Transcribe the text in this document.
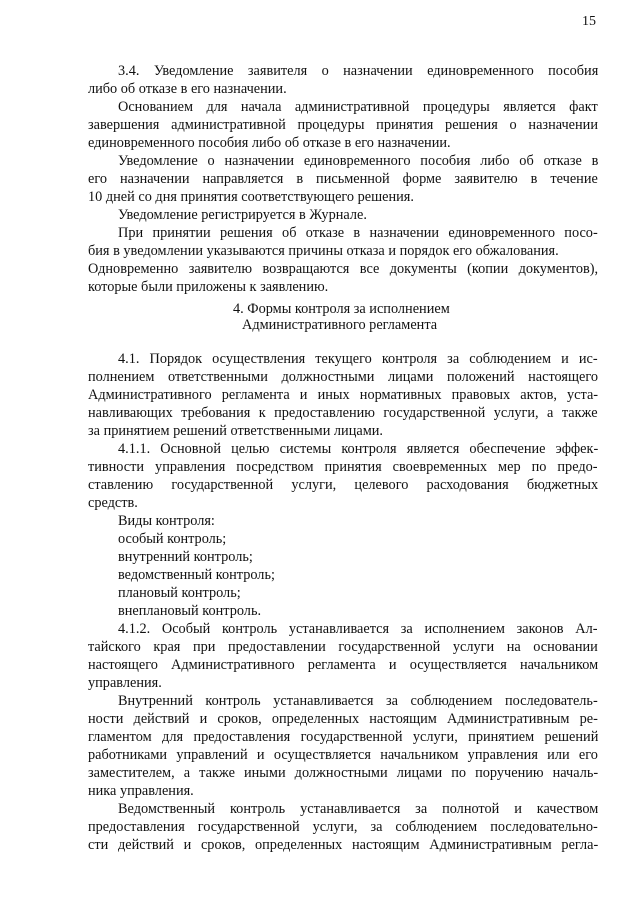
15
3.4. Уведомление заявителя о назначении единовременного пособия
либо об отказе в его назначении.
Основанием для начала административной процедуры является факт
завершения административной процедуры принятия решения о назначении
единовременного пособия либо об отказе в его назначении.
Уведомление о назначении единовременного пособия либо об отказе в
его назначении направляется в письменной форме заявителю в течение
10 дней со дня принятия соответствующего решения.
Уведомление регистрируется в Журнале.
При принятии решения об отказе в назначении единовременного посо-
бия в уведомлении указываются причины отказа и порядок его обжалования.
Одновременно заявителю возвращаются все документы (копии документов),
которые были приложены к заявлению.
4. Формы контроля за исполнением
Административного регламента
4.1. Порядок осуществления текущего контроля за соблюдением и ис-
полнением ответственными должностными лицами положений настоящего
Административного регламента и иных нормативных правовых актов, уста-
навливающих требования к предоставлению государственной услуги, а также
за принятием решений ответственными лицами.
4.1.1. Основной целью системы контроля является обеспечение эффек-
тивности управления посредством принятия своевременных мер по предо-
ставлению государственной услуги, целевого расходования бюджетных
средств.
Виды контроля:
особый контроль;
внутренний контроль;
ведомственный контроль;
плановый контроль;
внеплановый контроль.
4.1.2. Особый контроль устанавливается за исполнением законов Ал-
тайского края при предоставлении государственной услуги на основании
настоящего Административного регламента и осуществляется начальником
управления.
Внутренний контроль устанавливается за соблюдением последователь-
ности действий и сроков, определенных настоящим Административным ре-
гламентом для предоставления государственной услуги, принятием решений
работниками управлений и осуществляется начальником управления или его
заместителем, а также иными должностными лицами по поручению началь-
ника управления.
Ведомственный контроль устанавливается за полнотой и качеством
предоставления государственной услуги, за соблюдением последовательно-
сти действий и сроков, определенных настоящим Административным регла-
